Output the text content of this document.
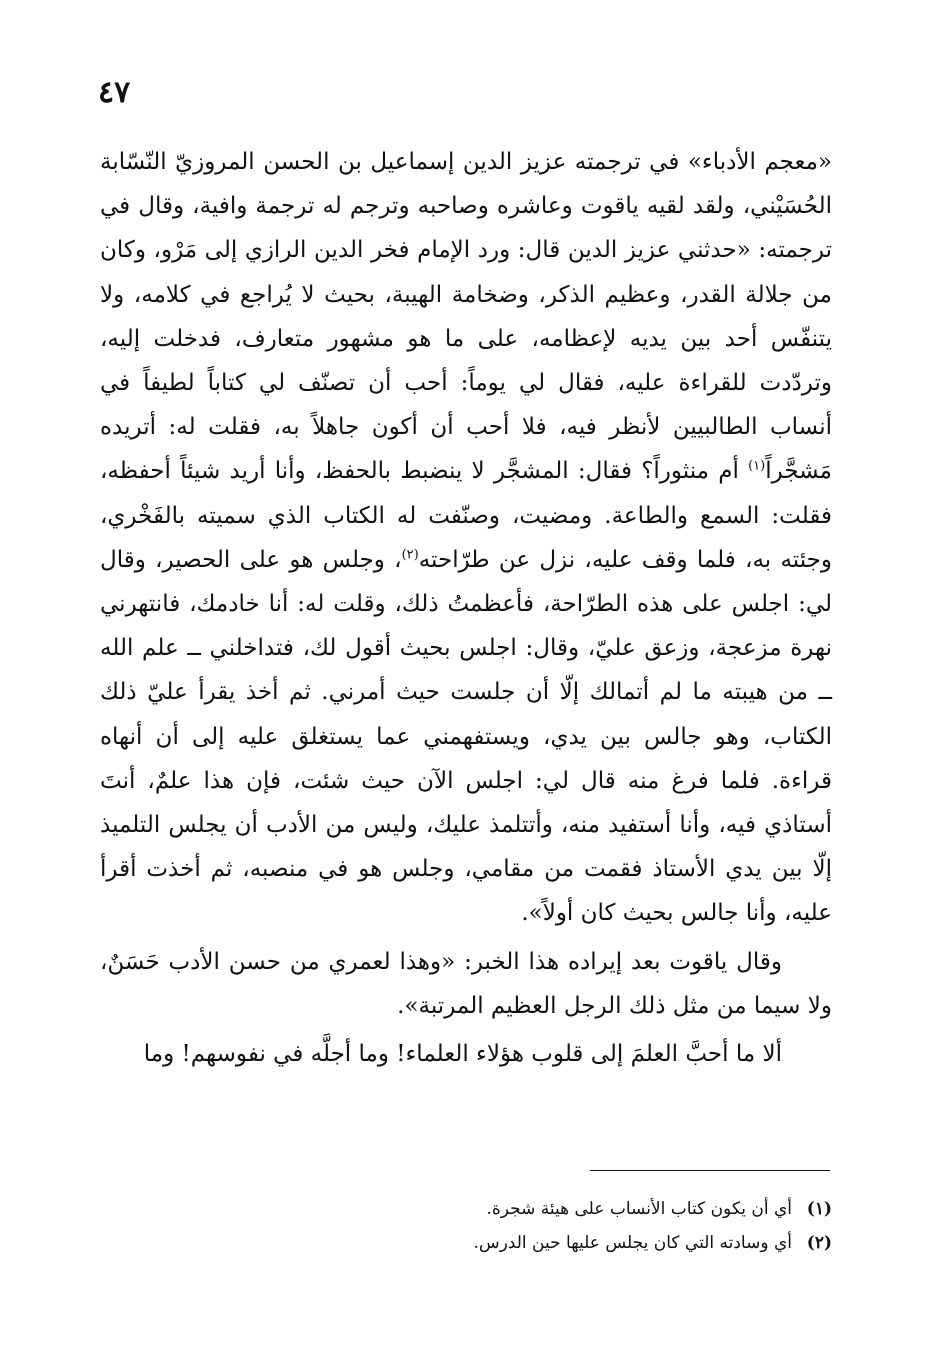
٤٧

«معجم الأدباء» في ترجمته عزيز الدين إسماعيل بن الحسن المروزيّ النّسّابة الحُسَيْني، ولقد لقيه ياقوت وعاشره وصاحبه وترجم له ترجمة وافية، وقال في ترجمته: «حدثني عزيز الدين قال: ورد الإمام فخر الدين الرازي إلى مَرْو، وكان من جلالة القدر، وعظيم الذكر، وضخامة الهيبة، بحيث لا يُراجع في كلامه، ولا يتنفّس أحد بين يديه لإعظامه، على ما هو مشهور متعارف، فدخلت إليه، وتردّدت للقراءة عليه، فقال لي يوماً: أحب أن تصنّف لي كتاباً لطيفاً في أنساب الطالبيين لأنظر فيه، فلا أحب أن أكون جاهلاً به، فقلت له: أتريده مَشجَّراً$^{(١)}$ أم منثوراً؟ فقال: المشجَّر لا ينضبط بالحفظ، وأنا أريد شيئاً أحفظه، فقلت: السمع والطاعة. ومضيت، وصنّفت له الكتاب الذي سميته بالفَخْري، وجئته به، فلما وقف عليه، نزل عن طرّاحته$^{(٢)}$، وجلس هو على الحصير، وقال لي: اجلس على هذه الطرّاحة، فأعظمتُ ذلك، وقلت له: أنا خادمك، فانتهرني نهرة مزعجة، وزعق عليّ، وقال: اجلس بحيث أقول لك، فتداخلني ــ علم الله ــ من هيبته ما لم أتمالك إلّا أن جلست حيث أمرني. ثم أخذ يقرأ عليّ ذلك الكتاب، وهو جالس بين يدي، ويستفهمني عما يستغلق عليه إلى أن أنهاه قراءة. فلما فرغ منه قال لي: اجلس الآن حيث شئت، فإن هذا علمٌ، أنتَ أستاذي فيه، وأنا أستفيد منه، وأتتلمذ عليك، وليس من الأدب أن يجلس التلميذ إلّا بين يدي الأستاذ فقمت من مقامي، وجلس هو في منصبه، ثم أخذت أقرأ عليه، وأنا جالس بحيث كان أولاً».

وقال ياقوت بعد إيراده هذا الخبر: «وهذا لعمري من حسن الأدب حَسَنٌ، ولا سيما من مثل ذلك الرجل العظيم المرتبة».

ألا ما أحبَّ العلمَ إلى قلوب هؤلاء العلماء! وما أجلَّه في نفوسهم! وما

(١)أي أن يكون كتاب الأنساب على هيئة شجرة.
(٢)أي وسادته التي كان يجلس عليها حين الدرس.
